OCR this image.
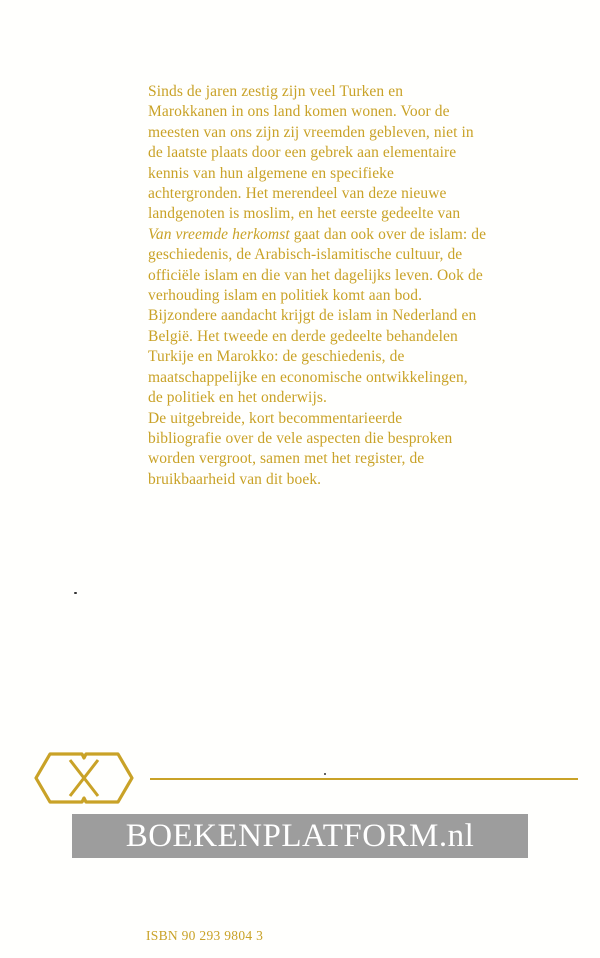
Sinds de jaren zestig zijn veel Turken en
Marokkanen in ons land komen wonen. Voor de
meesten van ons zijn zij vreemden gebleven, niet in
de laatste plaats door een gebrek aan elementaire
kennis van hun algemene en specifieke
achtergronden. Het merendeel van deze nieuwe
landgenoten is moslim, en het eerste gedeelte van
Van vreemde herkomst gaat dan ook over de islam: de
geschiedenis, de Arabisch-islamitische cultuur, de
officiële islam en die van het dagelijks leven. Ook de
verhouding islam en politiek komt aan bod.
Bijzondere aandacht krijgt de islam in Nederland en
België. Het tweede en derde gedeelte behandelen
Turkije en Marokko: de geschiedenis, de
maatschappelijke en economische ontwikkelingen,
de politiek en het onderwijs.
De uitgebreide, kort becommentarieerde
bibliografie over de vele aspecten die besproken
worden vergroot, samen met het register, de
bruikbaarheid van dit boek.
BOEKENPLATFORM.nl
ISBN 90 293 9804 3
